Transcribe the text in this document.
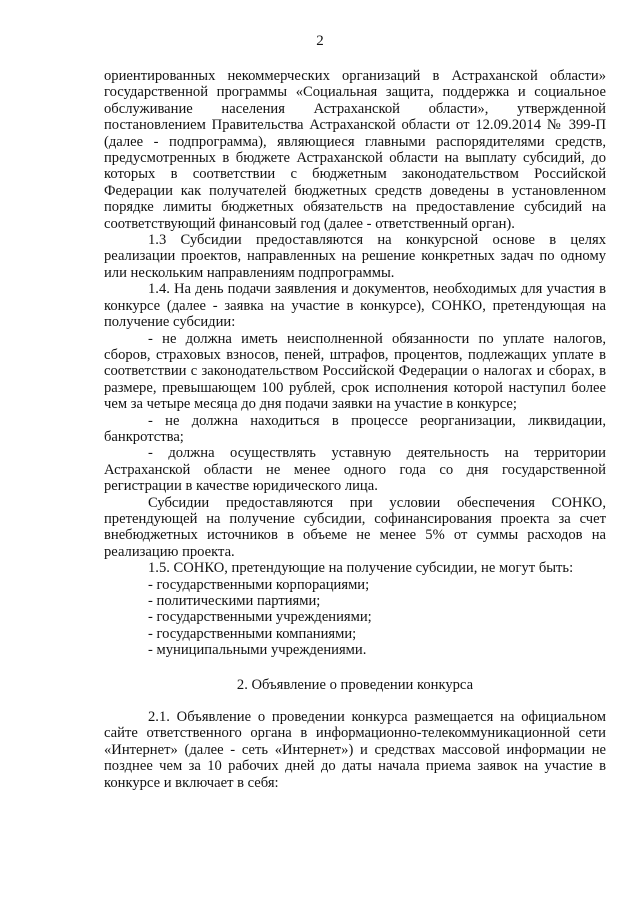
2

ориентированных некоммерческих организаций в Астраханской области» государственной программы «Социальная защита, поддержка и социальное обслуживание населения Астраханской области», утвержденной постановлением Правительства Астраханской области от 12.09.2014 № 399-П (далее - подпрограмма), являющиеся главными распорядителями средств, предусмотренных в бюджете Астраханской области на выплату субсидий, до которых в соответствии с бюджетным законодательством Российской Федерации как получателей бюджетных средств доведены в установленном порядке лимиты бюджетных обязательств на предоставление субсидий на соответствующий финансовый год (далее - ответственный орган).

1.3 Субсидии предоставляются на конкурсной основе в целях реализации проектов, направленных на решение конкретных задач по одному или нескольким направлениям подпрограммы.

1.4. На день подачи заявления и документов, необходимых для участия в конкурсе (далее - заявка на участие в конкурсе), СОНКО, претендующая на получение субсидии:

- не должна иметь неисполненной обязанности по уплате налогов, сборов, страховых взносов, пеней, штрафов, процентов, подлежащих уплате в соответствии с законодательством Российской Федерации о налогах и сборах, в размере, превышающем 100 рублей, срок исполнения которой наступил более чем за четыре месяца до дня подачи заявки на участие в конкурсе;

- не должна находиться в процессе реорганизации, ликвидации, банкротства;

- должна осуществлять уставную деятельность на территории Астраханской области не менее одного года со дня государственной регистрации в качестве юридического лица.

Субсидии предоставляются при условии обеспечения СОНКО, претендующей на получение субсидии, софинансирования проекта за счет внебюджетных источников в объеме не менее 5% от суммы расходов на реализацию проекта.

1.5. СОНКО, претендующие на получение субсидии, не могут быть:

- государственными корпорациями;

- политическими партиями;

- государственными учреждениями;

- государственными компаниями;

- муниципальными учреждениями.

2. Объявление о проведении конкурса

2.1. Объявление о проведении конкурса размещается на официальном сайте ответственного органа в информационно-телекоммуникационной сети «Интернет» (далее - сеть «Интернет») и средствах массовой информации не позднее чем за 10 рабочих дней до даты начала приема заявок на участие в конкурсе и включает в себя:
